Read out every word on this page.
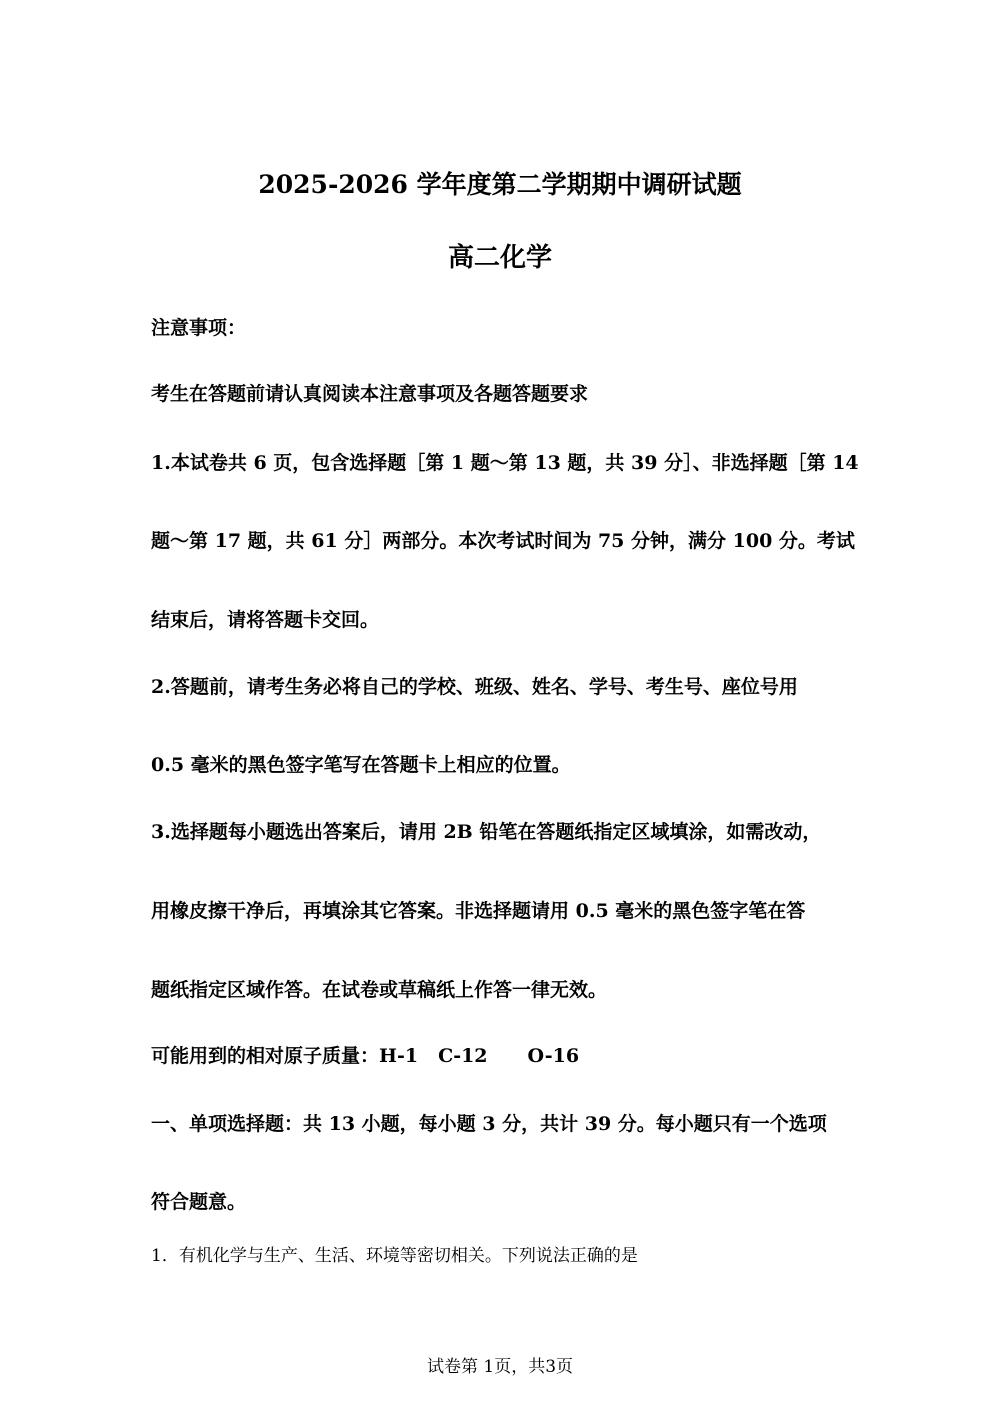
2025-2026 学年度第二学期期中调研试题
高二化学
注意事项：
考生在答题前请认真阅读本注意事项及各题答题要求
1.本试卷共 6 页，包含选择题［第 1 题～第 13 题，共 39 分］、非选择题［第 14
题～第 17 题，共 61 分］两部分。本次考试时间为 75 分钟，满分 100 分。考试
结束后，请将答题卡交回。
2.答题前，请考生务必将自己的学校、班级、姓名、学号、考生号、座位号用
0.5 毫米的黑色签字笔写在答题卡上相应的位置。
3.选择题每小题选出答案后，请用 2B 铅笔在答题纸指定区域填涂，如需改动，
用橡皮擦干净后，再填涂其它答案。非选择题请用 0.5 毫米的黑色签字笔在答
题纸指定区域作答。在试卷或草稿纸上作答一律无效。
可能用到的相对原子质量：H-1 C-12 O-16
一、单项选择题：共 13 小题，每小题 3 分，共计 39 分。每小题只有一个选项
符合题意。
1．有机化学与生产、生活、环境等密切相关。下列说法正确的是
试卷第 1页，共3页
